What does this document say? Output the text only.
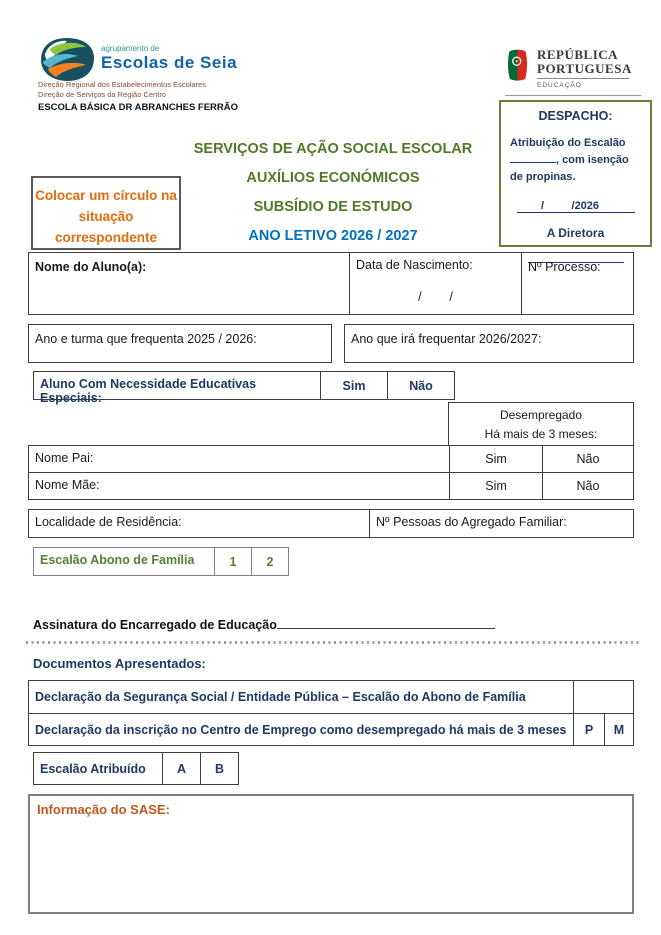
agrupamento de
Escolas de Seia
Direção Regional dos Estabelecimentos Escolares
Direção de Serviços da Região Centro
ESCOLA BÁSICA DR ABRANCHES FERRÃO
REPÚBLICA
PORTUGUESA
EDUCAÇÃO
DESPACHO:
Atribuição do Escalão
, com isenção
de propinas.
/         /2026
A Diretora
SERVIÇOS DE AÇÃO SOCIAL ESCOLAR
AUXÍLIOS ECONÓMICOS
SUBSÍDIO DE ESTUDO
ANO LETIVO 2026 / 2027
Colocar um círculo na situação correspondente
Nome do Aluno(a):	Data de Nascimento:
/        /
Nº Processo:
Ano e turma que frequenta 2025 / 2026:	Ano que irá frequentar 2026/2027:
Aluno Com Necessidade Educativas Especiais:
Sim	Não
Desempregado
Há mais de 3 meses:
Nome Pai:	Sim	Não
Nome Mãe:	Sim	Não
Localidade de Residência:	Nº Pessoas do Agregado Familiar:
Escalão Abono de Família	1	2
Assinatura do Encarregado de Educação
Documentos Apresentados:
Declaração da Segurança Social / Entidade Pública – Escalão do Abono de Família
Declaração da inscrição no Centro de Emprego como desempregado há mais de 3 meses	P	M
Escalão Atribuído	A	B
Informação do SASE:
